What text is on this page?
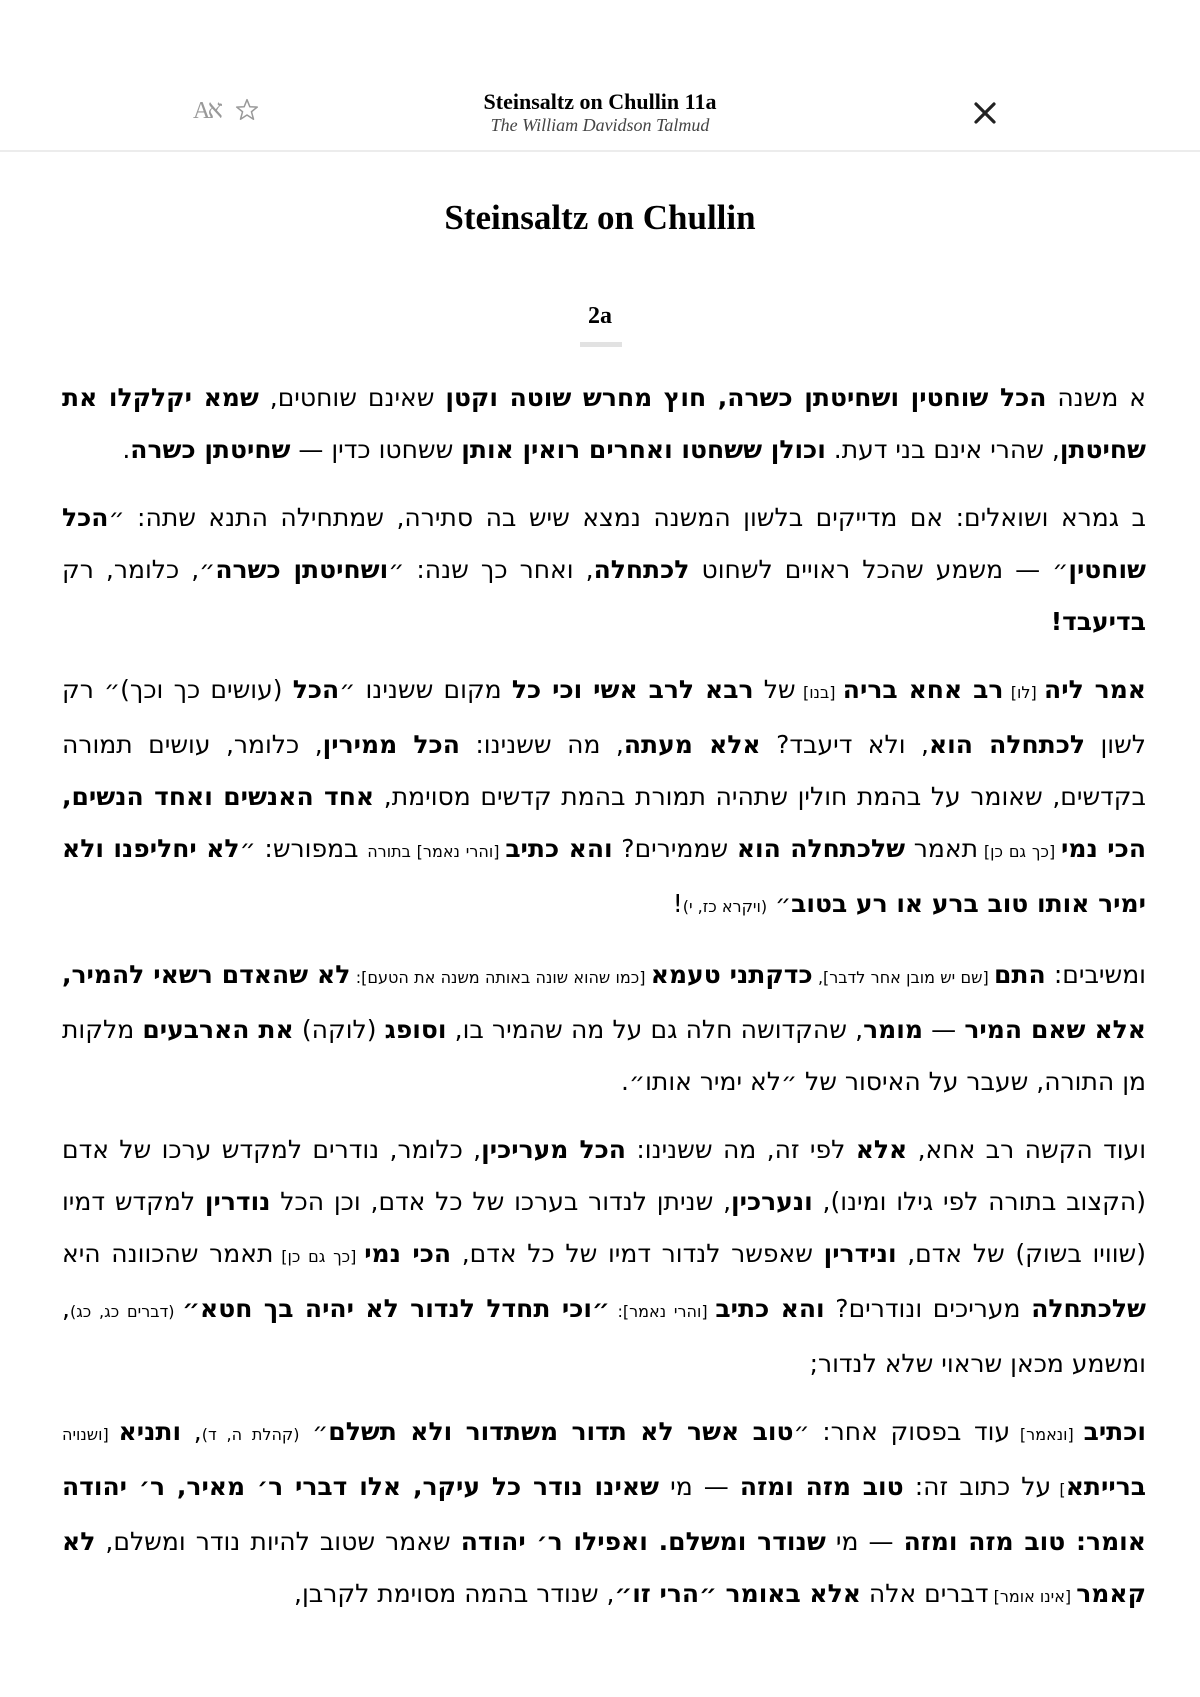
Aא	Steinsaltz on Chullin 11a
The William Davidson Talmud
Steinsaltz on Chullin
2a

א משנה הכל שוחטין ושחיטתן כשרה, חוץ מחרש שוטה וקטן שאינם שוחטים, שמא יקלקלו את שחיטתן, שהרי אינם בני דעת. וכולן ששחטו ואחרים רואין אותן ששחטו כדין — שחיטתן כשרה.

ב גמרא ושואלים: אם מדייקים בלשון המשנה נמצא שיש בה סתירה, שמתחילה התנא שתה: ״הכל שוחטין״ — משמע שהכל ראויים לשחוט לכתחלה, ואחר כך שנה: ״ושחיטתן כשרה״, כלומר, רק בדיעבד!

אמר ליה [לו] רב אחא בריה [בנו] של רבא לרב אשי וכי כל מקום ששנינו ״הכל (עושים כך וכך)״ רק לשון לכתחלה הוא, ולא דיעבד? אלא מעתה, מה ששנינו: הכל ממירין, כלומר, עושים תמורה בקדשים, שאומר על בהמת חולין שתהיה תמורת בהמת קדשים מסוימת, אחד האנשים ואחד הנשים, הכי נמי [כך גם כן] תאמר שלכתחלה הוא שממירים? והא כתיב [והרי נאמר] בתורה במפורש: ״לא יחליפנו ולא ימיר אותו טוב ברע או רע בטוב״ (ויקרא כז, י)!

ומשיבים: התם [שם יש מובן אחר לדבר], כדקתני טעמא [כמו שהוא שונה באותה משנה את הטעם]: לא שהאדם רשאי להמיר, אלא שאם המיר — מומר, שהקדושה חלה גם על מה שהמיר בו, וסופג (לוקה) את הארבעים מלקות מן התורה, שעבר על האיסור של ״לא ימיר אותו״.

ועוד הקשה רב אחא, אלא לפי זה, מה ששנינו: הכל מעריכין, כלומר, נודרים למקדש ערכו של אדם (הקצוב בתורה לפי גילו ומינו), ונערכין, שניתן לנדור בערכו של כל אדם, וכן הכל נודרין למקדש דמיו (שוויו בשוק) של אדם, ונידרין שאפשר לנדור דמיו של כל אדם, הכי נמי [כך גם כן] תאמר שהכוונה היא שלכתחלה מעריכים ונודרים? והא כתיב [והרי נאמר]: ״וכי תחדל לנדור לא יהיה בך חטא״ (דברים כג, כג), ומשמע מכאן שראוי שלא לנדור;

וכתיב [ונאמר] עוד בפסוק אחר: ״טוב אשר לא תדור משתדור ולא תשלם״ (קהלת ה, ד), ותניא [ושנויה ברייתא] על כתוב זה: טוב מזה ומזה — מי שאינו נודר כל עיקר, אלו דברי ר׳ מאיר, ר׳ יהודה אומר: טוב מזה ומזה — מי שנודר ומשלם. ואפילו ר׳ יהודה שאמר שטוב להיות נודר ומשלם, לא קאמר [אינו אומר] דברים אלה אלא באומר ״הרי זו״, שנודר בהמה מסוימת לקרבן,
